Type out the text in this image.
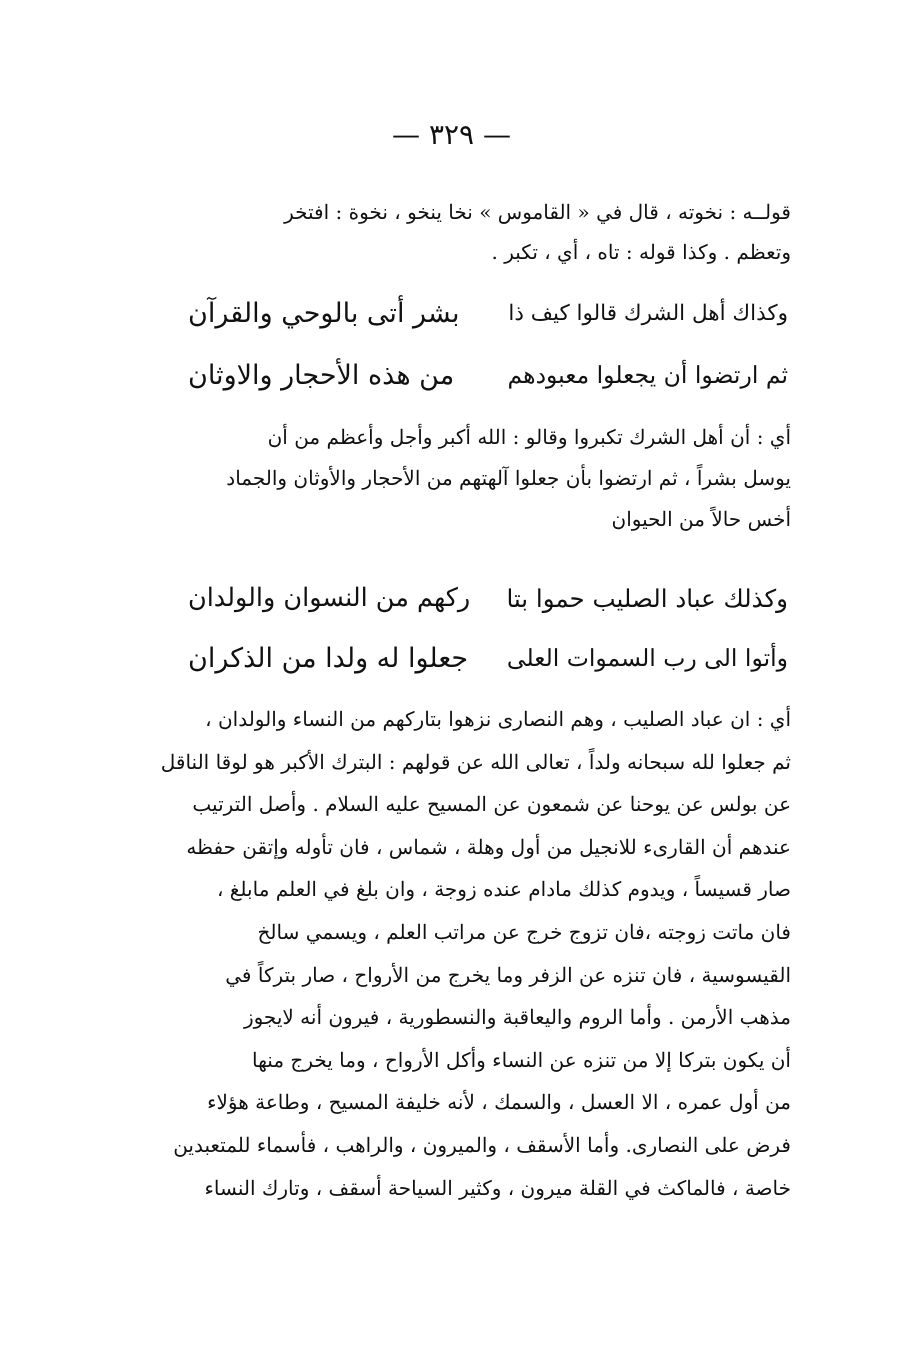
— ٣٢٩ —
قولــه : نخوته ، قال في « القاموس » نخا ينخو ، نخوة : افتخر
وتعظم . وكذا قوله : تاه ، أي ، تكبر .
وكذاك أهل الشرك قالوا كيف ذا
بشر أتى بالوحي والقرآن
ثم ارتضوا أن يجعلوا معبودهم
من هذه الأحجار والاوثان
أي : أن أهل الشرك تكبروا وقالو : الله أكبر وأجل وأعظم من أن
يوسل بشراً ، ثم ارتضوا بأن جعلوا آلهتهم من الأحجار والأوثان والجماد
أخس حالاً من الحيوان
وكذلك عباد الصليب حموا بتا
ركهم من النسوان والولدان
وأتوا الى رب السموات العلى
جعلوا له ولدا من الذكران
أي : ان عباد الصليب ، وهم النصارى نزهوا بتاركهم من النساء والولدان ،
ثم جعلوا لله سبحانه ولداً ، تعالى الله عن قولهم : البترك الأكبر هو لوقا الناقل
عن بولس عن يوحنا عن شمعون عن المسيح عليه السلام . وأصل الترتيب
عندهم أن القارىء للانجيل من أول وهلة ، شماس ، فان تأوله وإتقن حفظه
صار قسيساً ، ويدوم كذلك مادام عنده زوجة ، وان بلغ في العلم مابلغ ،
فان ماتت زوجته ،فان تزوج خرج عن مراتب العلم ، ويسمي سالخ
القيسوسية ، فان تنزه عن الزفر وما يخرج من الأرواح ، صار بتركاً في
مذهب الأرمن . وأما الروم واليعاقبة والنسطورية ، فيرون أنه لايجوز
أن يكون بتركا إلا من تنزه عن النساء وأكل الأرواح ، وما يخرج منها
من أول عمره ، الا العسل ، والسمك ، لأنه خليفة المسيح ، وطاعة هؤلاء
فرض على النصارى. وأما الأسقف ، والميرون ، والراهب ، فأسماء للمتعبدين
خاصة ، فالماكث في القلة ميرون ، وكثير السياحة أسقف ، وتارك النساء
